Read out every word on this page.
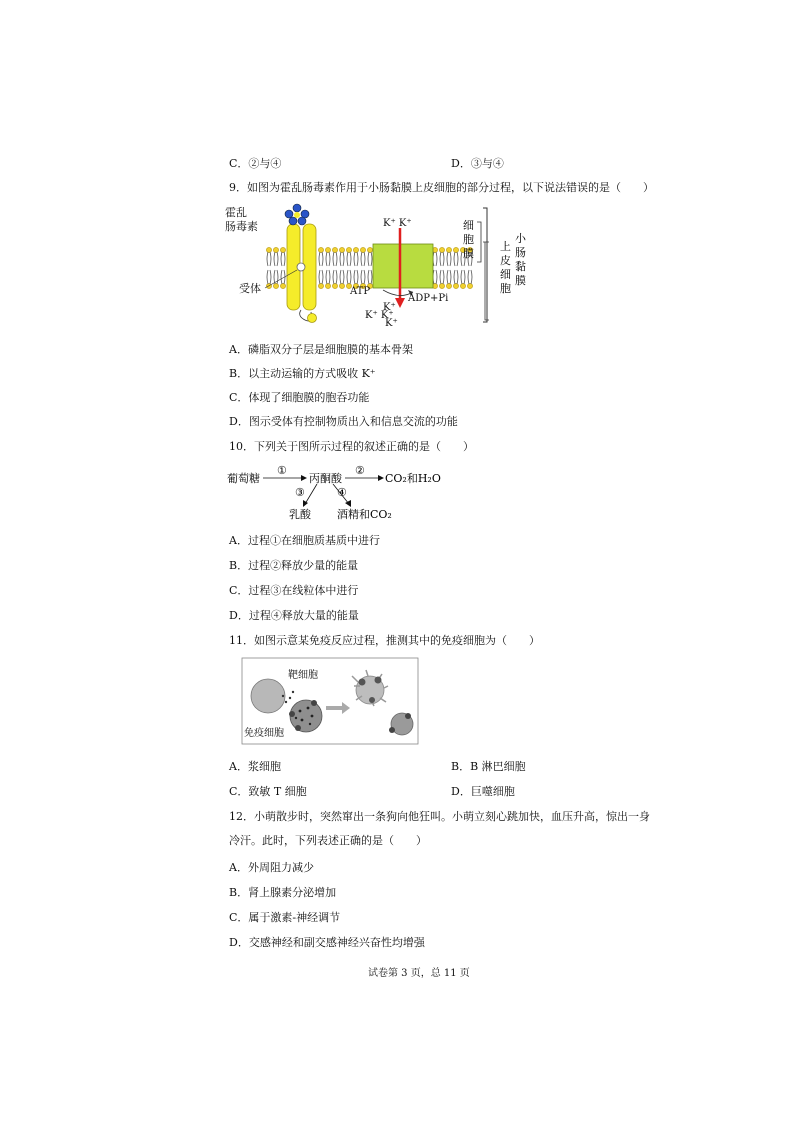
C．②与④	D．③与④
9．如图为霍乱肠毒素作用于小肠黏膜上皮细胞的部分过程，以下说法错误的是（　　）
霍乱
肠毒素
受体
K⁺ K⁺
ATP
ADP+Pi
K⁺
K⁺ K⁺
K⁺
细
胞
膜
上
皮
细
胞
小
肠
黏
膜
A．磷脂双分子层是细胞膜的基本骨架
B．以主动运输的方式吸收 K⁺
C．体现了细胞膜的胞吞功能
D．图示受体有控制物质出入和信息交流的功能
10．下列关于图所示过程的叙述正确的是（　　）
葡萄糖
①
丙酮酸
②
CO₂和H₂O
③	④
乳酸 酒精和CO₂
A．过程①在细胞质基质中进行
B．过程②释放少量的能量
C．过程③在线粒体中进行
D．过程④释放大量的能量
11．如图示意某免疫反应过程，推测其中的免疫细胞为（　　）
靶细胞
免疫细胞
A．浆细胞	B．B 淋巴细胞
C．致敏 T 细胞	D．巨噬细胞
12．小萌散步时，突然窜出一条狗向他狂叫。小萌立刻心跳加快，血压升高，惊出一身
冷汗。此时，下列表述正确的是（　　）
A．外周阻力减少
B．肾上腺素分泌增加
C．属于激素-神经调节
D．交感神经和副交感神经兴奋性均增强
试卷第 3 页，总 11 页
